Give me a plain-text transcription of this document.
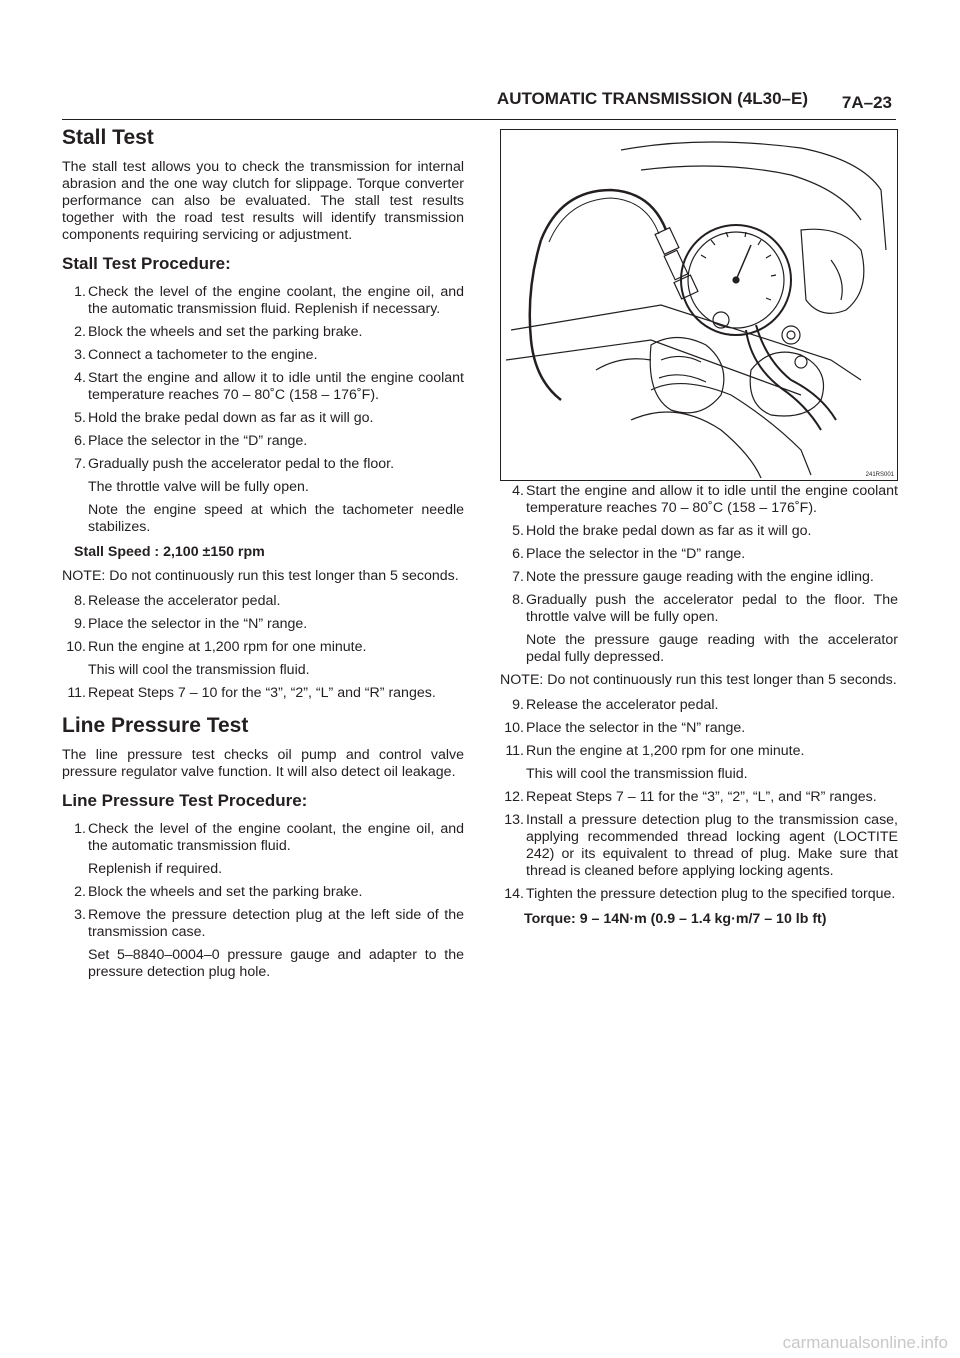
AUTOMATIC TRANSMISSION (4L30–E) 7A–23
Stall Test

The stall test allows you to check the transmission for internal abrasion and the one way clutch for slippage. Torque converter performance can also be evaluated. The stall test results together with the road test results will identify transmission components requiring servicing or adjustment.

Stall Test Procedure:
1. Check the level of the engine coolant, the engine oil, and the automatic transmission fluid. Replenish if necessary.
2. Block the wheels and set the parking brake.
3. Connect a tachometer to the engine.
4. Start the engine and allow it to idle until the engine coolant temperature reaches 70 – 80˚C (158 – 176˚F).
5. Hold the brake pedal down as far as it will go.
6. Place the selector in the “D” range.
7. Gradually push the accelerator pedal to the floor.
The throttle valve will be fully open.
Note the engine speed at which the tachometer needle stabilizes.
Stall Speed : 2,100 ±150 rpm

NOTE: Do not continuously run this test longer than 5 seconds.

8. Release the accelerator pedal.
9. Place the selector in the “N” range.
10. Run the engine at 1,200 rpm for one minute.
This will cool the transmission fluid.
11. Repeat Steps 7 – 10 for the “3”, “2”, “L” and “R” ranges.
Line Pressure Test

The line pressure test checks oil pump and control valve pressure regulator valve function. It will also detect oil leakage.

Line Pressure Test Procedure:
1. Check the level of the engine coolant, the engine oil, and the automatic transmission fluid.
Replenish if required.
2. Block the wheels and set the parking brake.
3. Remove the pressure detection plug at the left side of the transmission case.
Set 5–8840–0004–0 pressure gauge and adapter to the pressure detection plug hole.
241RS001
4. Start the engine and allow it to idle until the engine coolant temperature reaches 70 – 80˚C (158 – 176˚F).
5. Hold the brake pedal down as far as it will go.
6. Place the selector in the “D” range.
7. Note the pressure gauge reading with the engine idling.
8. Gradually push the accelerator pedal to the floor. The throttle valve will be fully open.
Note the pressure gauge reading with the accelerator pedal fully depressed.

NOTE: Do not continuously run this test longer than 5 seconds.

9. Release the accelerator pedal.
10. Place the selector in the “N” range.
11. Run the engine at 1,200 rpm for one minute.
This will cool the transmission fluid.
12. Repeat Steps 7 – 11 for the “3”, “2”, “L”, and “R” ranges.
13. Install a pressure detection plug to the transmission case, applying recommended thread locking agent (LOCTITE 242) or its equivalent to thread of plug. Make sure that thread is cleaned before applying locking agents.
14. Tighten the pressure detection plug to the specified torque.
Torque: 9 – 14N·m (0.9 – 1.4 kg·m/7 – 10 lb ft)
carmanualsonline.info
